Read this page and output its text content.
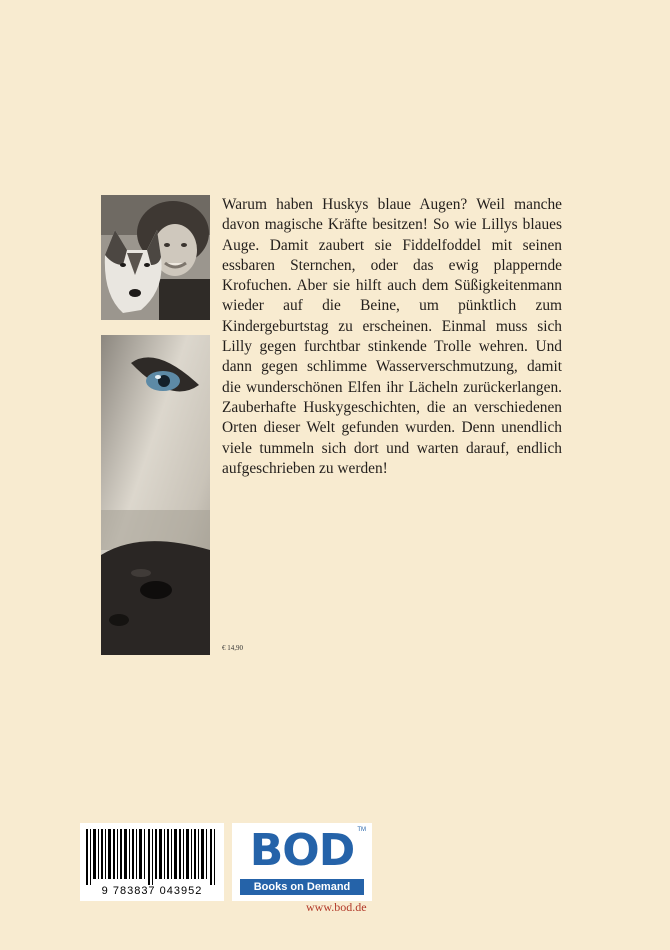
Warum haben Huskys blaue Augen? Weil manche davon magische Kräfte besitzen! So wie Lillys blaues Auge. Damit zaubert sie Fiddelfoddel mit seinen essbaren Sternchen, oder das ewig plappernde Krofuchen. Aber sie hilft auch dem Süßigkeitenmann wieder auf die Beine, um pünktlich zum Kindergeburtstag zu erscheinen. Einmal muss sich Lilly gegen furchtbar stinkende Trolle wehren. Und dann gegen schlimme Wasserverschmutzung, damit die wunderschönen Elfen ihr Lächeln zurückerlangen. Zauberhafte Huskygeschichten, die an verschiedenen Orten dieser Welt gefunden wurden. Denn unendlich viele tummeln sich dort und warten darauf, endlich aufgeschrieben zu werden!

€ 14,90
9 783837 043952
BOD TM
Books on Demand
www.bod.de
